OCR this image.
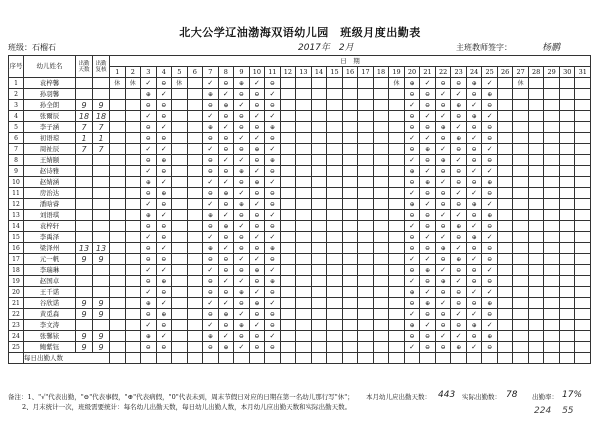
北大公学辽油渤海双语幼儿园　班级月度出勤表
班级：石榴石	2017年　2月	主班教师签字：	杨鹏
序号	幼儿姓名	出勤天数	出勤复核	日　期																														
				1	2	3	4	5	6	7	8	9	10	11	12	13	14	15	16	17	18	19	20	21	22	23	24	25	26	27	28	29	30	31
1	袁梓馨			休	休	✓	⊖	休		✓	⊖	⊕	✓	⊖								休	⊕	✓	⊖	⊖	⊕	✓		休				
2	孙羽馨					⊕	✓			⊕	✓	⊖	⊖	✓									⊖	⊖	✓	✓	⊖	⊕						
3	孙全朗	9	9			⊖	⊖			⊖	⊕	✓	⊖	⊖									✓	⊖	⊖	⊕	✓	⊖						
4	张爾辰	18	18			✓	⊖			✓	⊖	⊖	✓	✓									⊖	✓	✓	⊖	⊕	✓						
5	李子涵	7	7			⊖	✓			⊕	✓	⊖	⊖	⊕									⊖	⊖	⊕	✓	⊖	⊖						
6	初语琼	1	1			⊖	⊖			⊖	⊖	✓	✓	⊖									✓	✓	⊖	⊕	✓	⊖						
7	周祉辰	7	7			✓	✓			✓	⊖	⊖	⊕	✓									⊖	⊕	✓	⊖	⊖	✓						
8	王婧颐					⊖	⊕			⊖	✓	✓	⊖	⊕									✓	⊖	⊕	✓	⊖	⊖						
9	赵诗雅					✓	⊖			⊖	⊖	⊕	✓	⊖									⊕	✓	⊖	⊖	✓	✓						
10	赵婧涵					⊕	✓			✓	✓	⊖	⊕	✓									⊖	⊕	✓	⊖	⊖	⊕						
11	房治达					⊖	⊕			⊖	⊕	✓	⊖	⊖									✓	⊖	⊖	✓	✓	⊖						
12	潘晗睿					✓	⊖			✓	⊖	⊕	✓	⊖									⊕	✓	⊖	⊖	⊕	✓						
13	刘语琪					⊕	✓			⊕	✓	⊖	⊖	✓									⊖	⊖	✓	✓	⊖	⊕						
14	袁梓轩					⊖	⊖			⊖	⊕	✓	⊖	⊖									✓	⊖	⊖	⊕	✓	⊖						
15	李禹泽					✓	⊖			✓	⊖	⊖	✓	✓									⊖	✓	✓	⊖	⊕	✓						
16	梁泽州	13	13			⊖	✓			⊕	✓	⊖	⊖	⊕									⊖	⊖	⊕	✓	⊖	⊖						
17	元一帆	9	9			⊖	⊖			⊖	⊖	✓	✓	⊖									✓	✓	⊖	⊕	✓	⊖						
18	李瑞琳					✓	✓			✓	⊖	⊖	⊕	✓									⊖	⊕	✓	⊖	⊖	✓						
19	赵国卓					⊖	⊕			⊖	✓	✓	⊖	⊕									✓	⊖	⊕	✓	⊖	⊖						
20	王千诺					✓	⊖			⊖	⊖	⊕	✓	⊖									⊕	✓	⊖	⊖	✓	✓						
21	谷欣诺	9	9			⊕	✓			✓	✓	⊖	⊕	✓									⊖	⊕	✓	⊖	⊖	⊕						
22	黄觅森	9	9			⊖	⊕			⊖	⊕	✓	⊖	⊖									✓	⊖	⊖	✓	✓	⊖						
23	李文涛					✓	⊖			✓	⊖	⊕	✓	⊖									⊕	✓	⊖	⊖	⊕	✓						
24	张馨铱	9	9			⊕	✓			⊕	✓	⊖	⊖	✓									⊖	⊖	✓	✓	⊖	⊕						
25	鲍紫钰	9	9			⊖	⊖			⊖	⊕	✓	⊖	⊖									✓	⊖	⊖	⊕	✓	⊖						
	每日出勤人数																																	
备注：1、"√"代表出勤，"⊖"代表事假，"⊕"代表病假，"0"代表未到，周末节假日对应的日期在第一名幼儿那行写"休"；
2、月末统计一次，班级需要统计：每名幼儿出勤天数，每日幼儿出勤人数，本月幼儿应出勤天数和实际出勤天数。
本月幼儿应出勤天数： 443 实际出勤数： 78 出勤率： 17%
224 55
